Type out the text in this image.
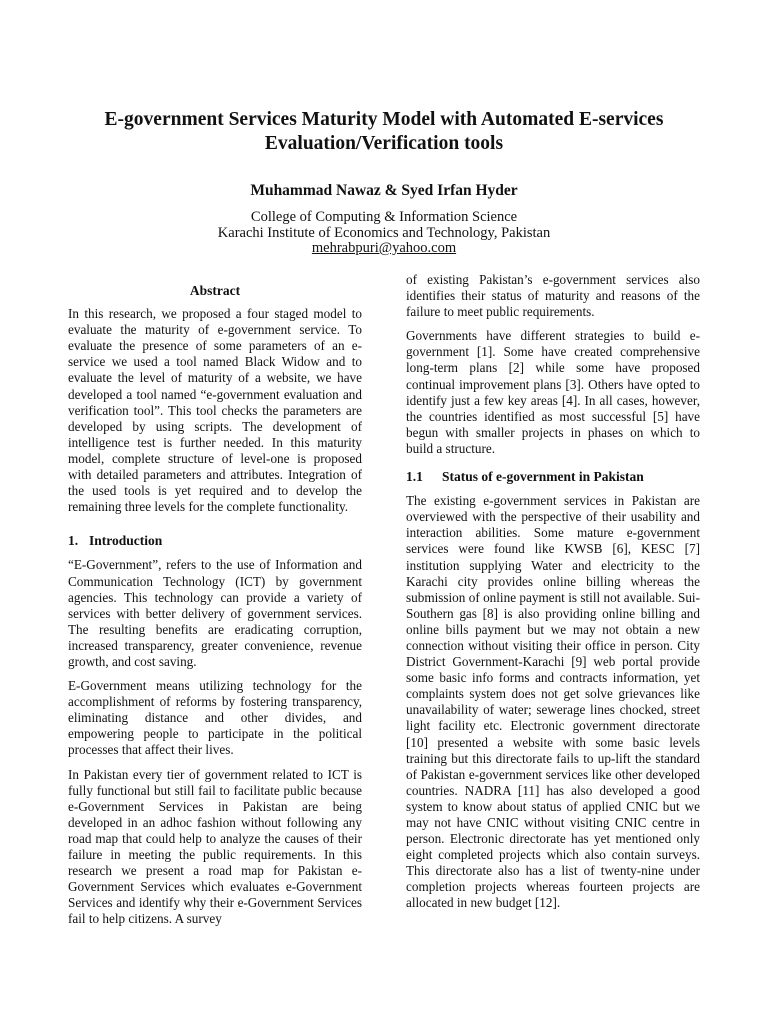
E-government Services Maturity Model with Automated E-services
Evaluation/Verification tools
Muhammad Nawaz & Syed Irfan Hyder
College of Computing & Information Science
Karachi Institute of Economics and Technology, Pakistan
mehrabpuri@yahoo.com
Abstract

In this research, we proposed a four staged model to evaluate the maturity of e-government service. To evaluate the presence of some parameters of an e-service we used a tool named Black Widow and to evaluate the level of maturity of a website, we have developed a tool named “e-government evaluation and verification tool”. This tool checks the parameters are developed by using scripts. The development of intelligence test is further needed. In this maturity model, complete structure of level-one is proposed with detailed parameters and attributes. Integration of the used tools is yet required and to develop the remaining three levels for the complete functionality.

1. Introduction

“E-Government”, refers to the use of Information and Communication Technology (ICT) by government agencies. This technology can provide a variety of services with better delivery of government services. The resulting benefits are eradicating corruption, increased transparency, greater convenience, revenue growth, and cost saving.

E-Government means utilizing technology for the accomplishment of reforms by fostering transparency, eliminating distance and other divides, and empowering people to participate in the political processes that affect their lives.

In Pakistan every tier of government related to ICT is fully functional but still fail to facilitate public because e-Government Services in Pakistan are being developed in an adhoc fashion without following any road map that could help to analyze the causes of their failure in meeting the public requirements. In this research we present a road map for Pakistan e-Government Services which evaluates e-Government Services and identify why their e-Government Services fail to help citizens. A survey

of existing Pakistan’s e-government services also identifies their status of maturity and reasons of the failure to meet public requirements.

Governments have different strategies to build e-government [1]. Some have created comprehensive long-term plans [2] while some have proposed continual improvement plans [3]. Others have opted to identify just a few key areas [4]. In all cases, however, the countries identified as most successful [5] have begun with smaller projects in phases on which to build a structure.

1.1 Status of e-government in Pakistan

The existing e-government services in Pakistan are overviewed with the perspective of their usability and interaction abilities. Some mature e-government services were found like KWSB [6], KESC [7] institution supplying Water and electricity to the Karachi city provides online billing whereas the submission of online payment is still not available. Sui-Southern gas [8] is also providing online billing and online bills payment but we may not obtain a new connection without visiting their office in person. City District Government-Karachi [9] web portal provide some basic info forms and contracts information, yet complaints system does not get solve grievances like unavailability of water; sewerage lines chocked, street light facility etc. Electronic government directorate [10] presented a website with some basic levels training but this directorate fails to up-lift the standard of Pakistan e-government services like other developed countries. NADRA [11] has also developed a good system to know about status of applied CNIC but we may not have CNIC without visiting CNIC centre in person. Electronic directorate has yet mentioned only eight completed projects which also contain surveys. This directorate also has a list of twenty-nine under completion projects whereas fourteen projects are allocated in new budget [12].
